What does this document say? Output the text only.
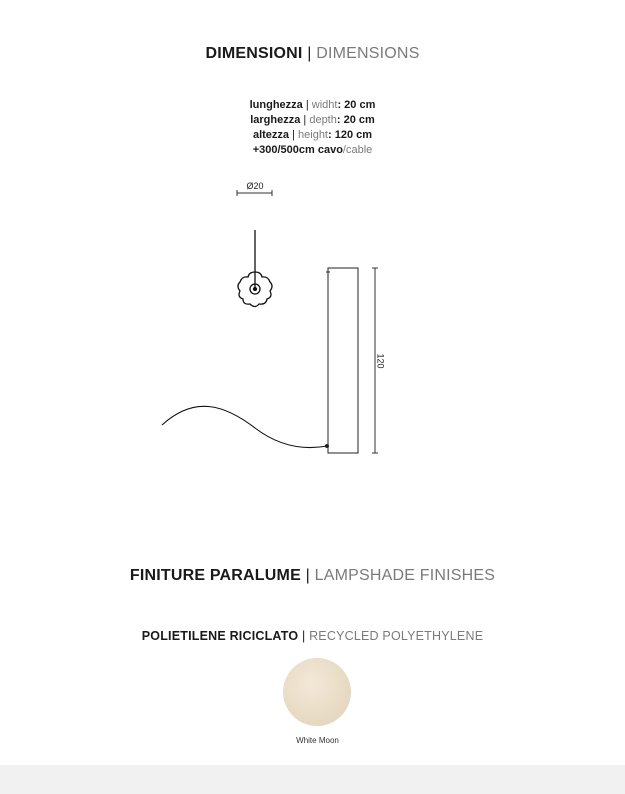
DIMENSIONI | DIMENSIONS
lunghezza | widht: 20 cm
larghezza | depth: 20 cm
altezza | height: 120 cm
+300/500cm cavo/cable
Ø20
120
FINITURE PARALUME | LAMPSHADE FINISHES
POLIETILENE RICICLATO | RECYCLED POLYETHYLENE
White Moon
